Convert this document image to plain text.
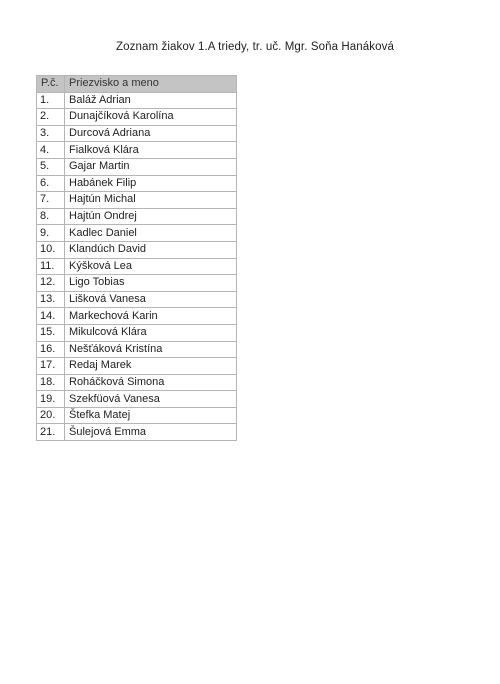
Zoznam žiakov 1.A triedy, tr. uč. Mgr. Soňa Hanáková
P.č.	Priezvisko a meno
1.	Baláž Adrian
2.	Dunajčíková Karolína
3.	Durcová Adriana
4.	Fialková Klára
5.	Gajar Martin
6.	Habánek Filip
7.	Hajtún Michal
8.	Hajtún Ondrej
9.	Kadlec Daniel
10.	Klandúch David
11.	Kýšková Lea
12.	Ligo Tobias
13.	Lišková Vanesa
14.	Markechová Karin
15.	Mikulcová Klára
16.	Nešťáková Kristína
17.	Redaj Marek
18.	Roháčková Simona
19.	Szekfüová Vanesa
20.	Štefka Matej
21.	Šulejová Emma
